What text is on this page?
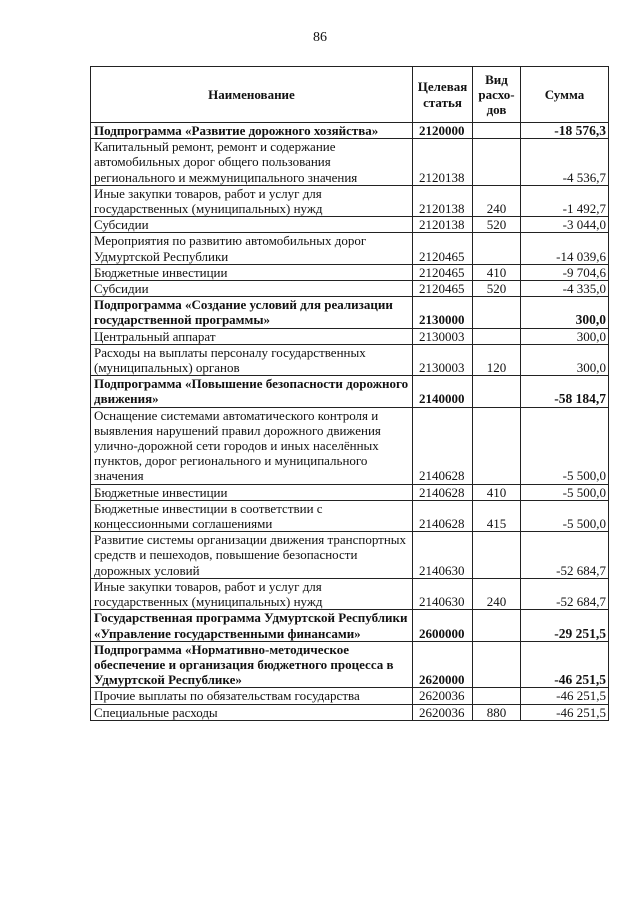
86
Наименование	Целевая статья	Вид расхо-дов	Сумма
Подпрограмма «Развитие дорожного хозяйства»	2120000		-18 576,3
Капитальный ремонт, ремонт и содержание автомобильных дорог общего пользования регионального и межмуниципального значения	2120138		-4 536,7
Иные закупки товаров, работ и услуг для государственных (муниципальных) нужд	2120138	240	-1 492,7
Субсидии	2120138	520	-3 044,0
Мероприятия по развитию автомобильных дорог Удмуртской Республики	2120465		-14 039,6
Бюджетные инвестиции	2120465	410	-9 704,6
Субсидии	2120465	520	-4 335,0
Подпрограмма «Создание условий для реализации государственной программы»	2130000		300,0
Центральный аппарат	2130003		300,0
Расходы на выплаты персоналу государственных (муниципальных) органов	2130003	120	300,0
Подпрограмма «Повышение безопасности дорожного движения»	2140000		-58 184,7
Оснащение системами автоматического контроля и выявления нарушений правил дорожного движения улично-дорожной сети городов и иных населённых пунктов, дорог регионального и муниципального значения	2140628		-5 500,0
Бюджетные инвестиции	2140628	410	-5 500,0
Бюджетные инвестиции в соответствии с концессионными соглашениями	2140628	415	-5 500,0
Развитие системы организации движения транспортных средств и пешеходов, повышение безопасности дорожных условий	2140630		-52 684,7
Иные закупки товаров, работ и услуг для государственных (муниципальных) нужд	2140630	240	-52 684,7
Государственная программа Удмуртской Республики «Управление государственными финансами»	2600000		-29 251,5
Подпрограмма «Нормативно-методическое обеспечение и организация бюджетного процесса в Удмуртской Республике»	2620000		-46 251,5
Прочие выплаты по обязательствам государства	2620036		-46 251,5
Специальные расходы	2620036	880	-46 251,5
